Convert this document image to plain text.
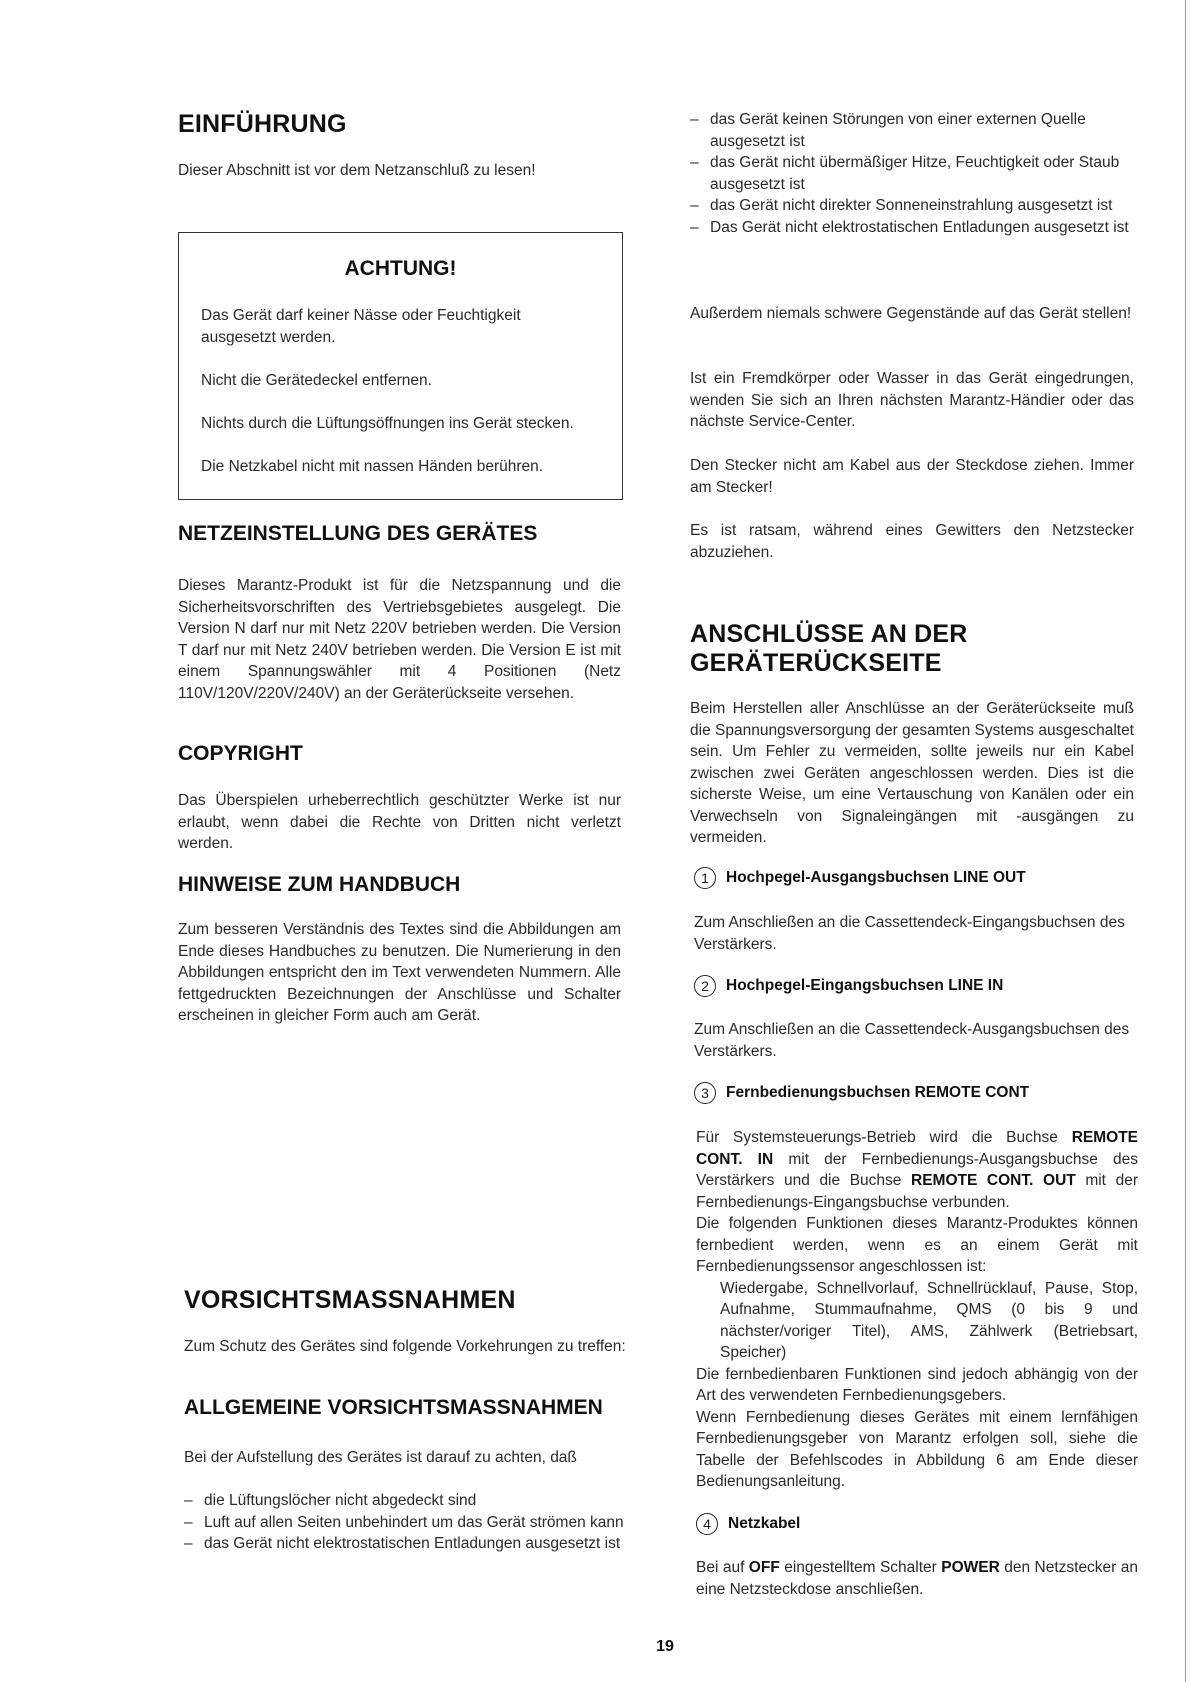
EINFÜHRUNG

Dieser Abschnitt ist vor dem Netzanschluß zu lesen!

ACHTUNG!

Das Gerät darf keiner Nässe oder Feuchtigkeit ausgesetzt werden.

Nicht die Gerätedeckel entfernen.

Nichts durch die Lüftungsöffnungen ins Gerät stecken.

Die Netzkabel nicht mit nassen Händen berühren.

NETZEINSTELLUNG DES GERÄTES

Dieses Marantz-Produkt ist für die Netzspannung und die Sicherheitsvorschriften des Vertriebsgebietes ausgelegt. Die Version N darf nur mit Netz 220V betrieben werden. Die Version T darf nur mit Netz 240V betrieben werden. Die Version E ist mit einem Spannungswähler mit 4 Positionen (Netz 110V/120V/220V/240V) an der Geräterückseite versehen.

COPYRIGHT

Das Überspielen urheberrechtlich geschützter Werke ist nur erlaubt, wenn dabei die Rechte von Dritten nicht verletzt werden.

HINWEISE ZUM HANDBUCH

Zum besseren Verständnis des Textes sind die Abbildungen am Ende dieses Handbuches zu benutzen. Die Numerierung in den Abbildungen entspricht den im Text verwendeten Nummern. Alle fettgedruckten Bezeichnungen der Anschlüsse und Schalter erscheinen in gleicher Form auch am Gerät.

VORSICHTSMASSNAHMEN

Zum Schutz des Gerätes sind folgende Vorkehrungen zu treffen:

ALLGEMEINE VORSICHTSMASSNAHMEN

Bei der Aufstellung des Gerätes ist darauf zu achten, daß

– die Lüftungslöcher nicht abgedeckt sind
– Luft auf allen Seiten unbehindert um das Gerät strömen kann
– das Gerät nicht elektrostatischen Entladungen ausgesetzt ist
– das Gerät keinen Störungen von einer externen Quelle ausgesetzt ist
– das Gerät nicht übermäßiger Hitze, Feuchtigkeit oder Staub ausgesetzt ist
– das Gerät nicht direkter Sonneneinstrahlung ausgesetzt ist
– Das Gerät nicht elektrostatischen Entladungen ausgesetzt ist

Außerdem niemals schwere Gegenstände auf das Gerät stellen!

Ist ein Fremdkörper oder Wasser in das Gerät eingedrungen, wenden Sie sich an Ihren nächsten Marantz-Händier oder das nächste Service-Center.

Den Stecker nicht am Kabel aus der Steckdose ziehen. Immer am Stecker!

Es ist ratsam, während eines Gewitters den Netzstecker abzuziehen.

ANSCHLÜSSE AN DER
GERÄTERÜCKSEITE

Beim Herstellen aller Anschlüsse an der Geräterückseite muß die Spannungsversorgung der gesamten Systems ausgeschaltet sein. Um Fehler zu vermeiden, sollte jeweils nur ein Kabel zwischen zwei Geräten angeschlossen werden. Dies ist die sicherste Weise, um eine Vertauschung von Kanälen oder ein Verwechseln von Signaleingängen mit -ausgängen zu vermeiden.

1 Hochpegel-Ausgangsbuchsen LINE OUT

Zum Anschließen an die Cassettendeck-Eingangsbuchsen des Verstärkers.

2 Hochpegel-Eingangsbuchsen LINE IN

Zum Anschließen an die Cassettendeck-Ausgangsbuchsen des Verstärkers.

3 Fernbedienungsbuchsen REMOTE CONT

Für Systemsteuerungs-Betrieb wird die Buchse REMOTE CONT. IN mit der Fernbedienungs-Ausgangsbuchse des Verstärkers und die Buchse REMOTE CONT. OUT mit der Fernbedienungs-Eingangsbuchse verbunden.

Die folgenden Funktionen dieses Marantz-Produktes können fernbedient werden, wenn es an einem Gerät mit Fernbedienungssensor angeschlossen ist:

Wiedergabe, Schnellvorlauf, Schnellrücklauf, Pause, Stop, Aufnahme, Stummaufnahme, QMS (0 bis 9 und nächster/voriger Titel), AMS, Zählwerk (Betriebsart, Speicher)

Die fernbedienbaren Funktionen sind jedoch abhängig von der Art des verwendeten Fernbedienungsgebers.

Wenn Fernbedienung dieses Gerätes mit einem lernfähigen Fernbedienungsgeber von Marantz erfolgen soll, siehe die Tabelle der Befehlscodes in Abbildung 6 am Ende dieser Bedienungsanleitung.

4 Netzkabel

Bei auf OFF eingestelltem Schalter POWER den Netzstecker an eine Netzsteckdose anschließen.

19
